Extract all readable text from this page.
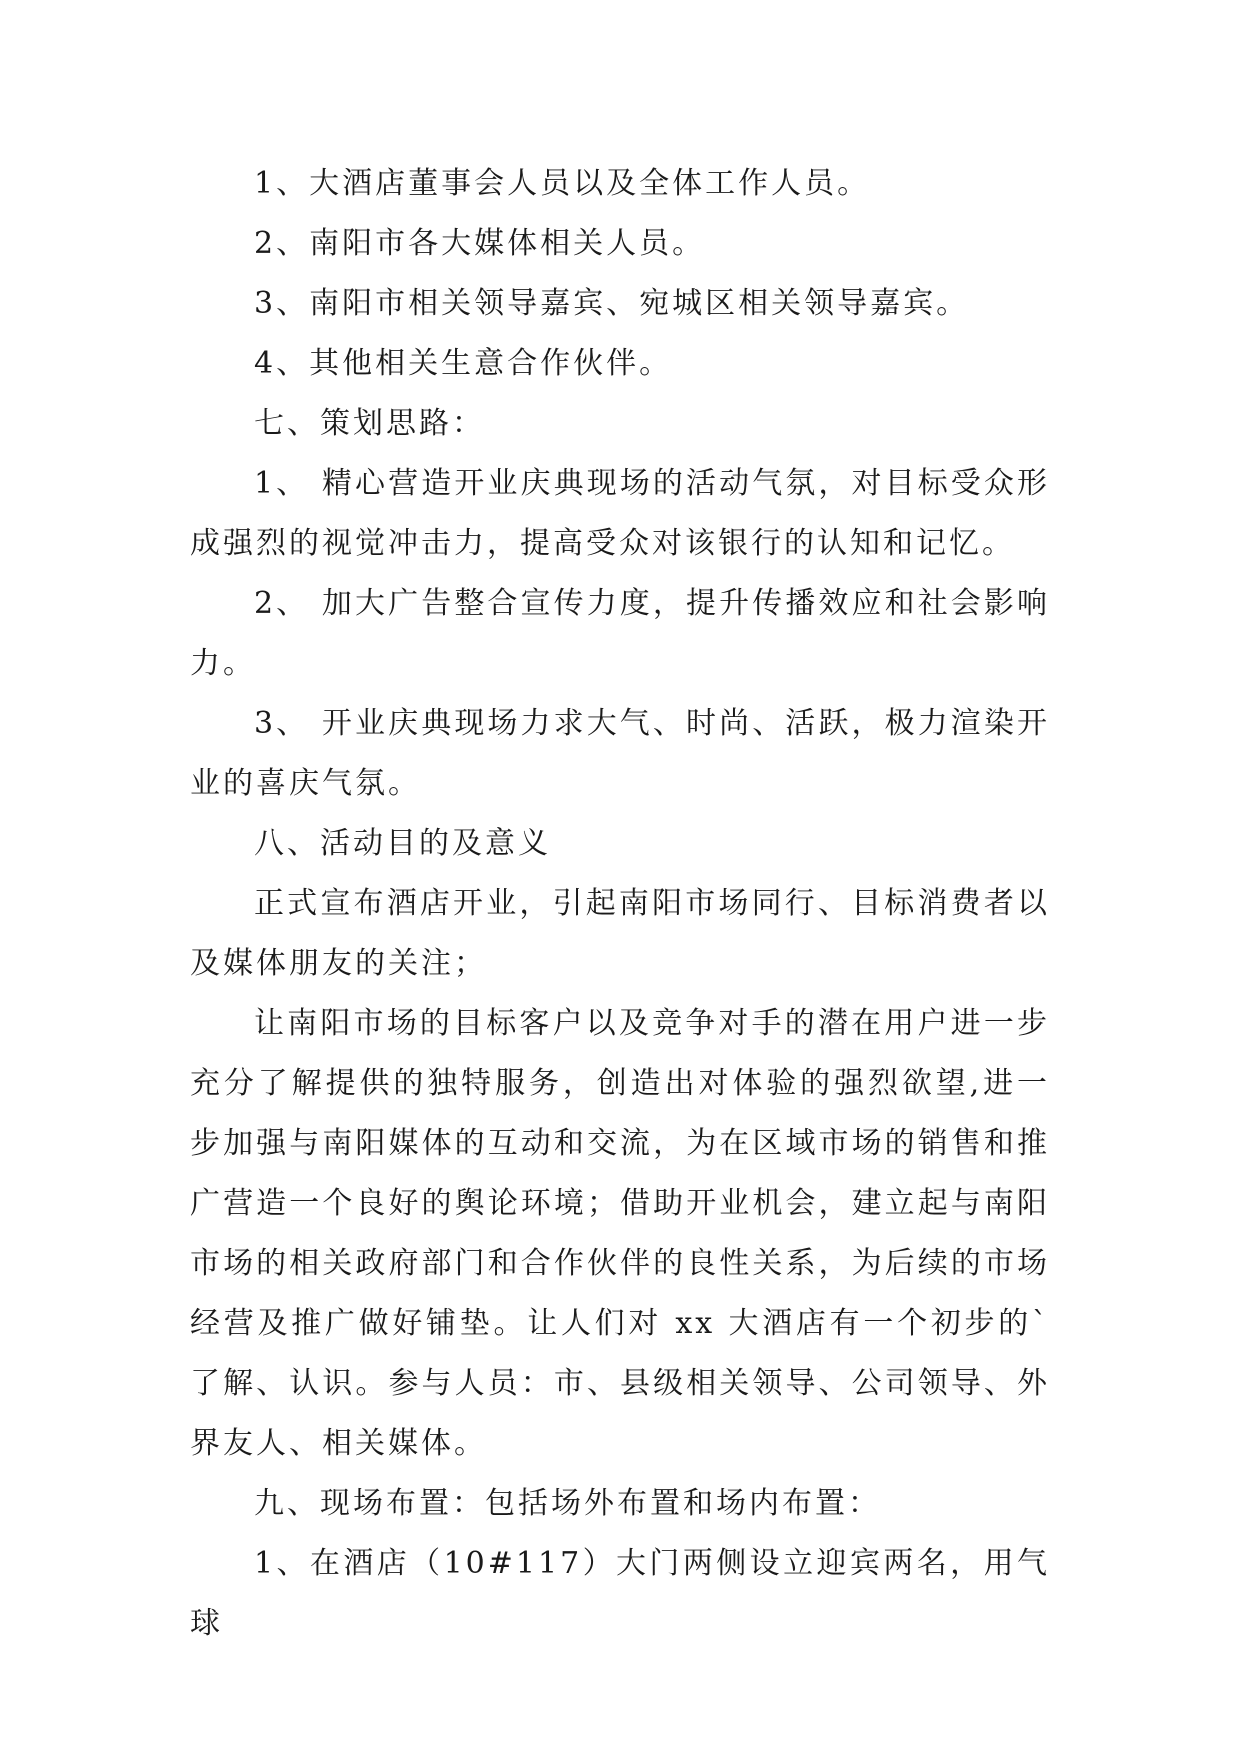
1、大酒店董事会人员以及全体工作人员。

2、南阳市各大媒体相关人员。

3、南阳市相关领导嘉宾、宛城区相关领导嘉宾。

4、其他相关生意合作伙伴。

七、策划思路：

1、 精心营造开业庆典现场的活动气氛，对目标受众形成强烈的视觉冲击力，提高受众对该银行的认知和记忆。

2、 加大广告整合宣传力度，提升传播效应和社会影响力。

3、 开业庆典现场力求大气、时尚、活跃，极力渲染开业的喜庆气氛。

八、活动目的及意义

正式宣布酒店开业，引起南阳市场同行、目标消费者以及媒体朋友的关注；

让南阳市场的目标客户以及竞争对手的潜在用户进一步充分了解提供的独特服务，创造出对体验的强烈欲望,进一步加强与南阳媒体的互动和交流，为在区域市场的销售和推广营造一个良好的舆论环境；借助开业机会，建立起与南阳市场的相关政府部门和合作伙伴的良性关系，为后续的市场经营及推广做好铺垫。让人们对 xx 大酒店有一个初步的`了解、认识。参与人员：市、县级相关领导、公司领导、外界友人、相关媒体。

九、现场布置：包括场外布置和场内布置：

1、在酒店（10#117）大门两侧设立迎宾两名，用气球
